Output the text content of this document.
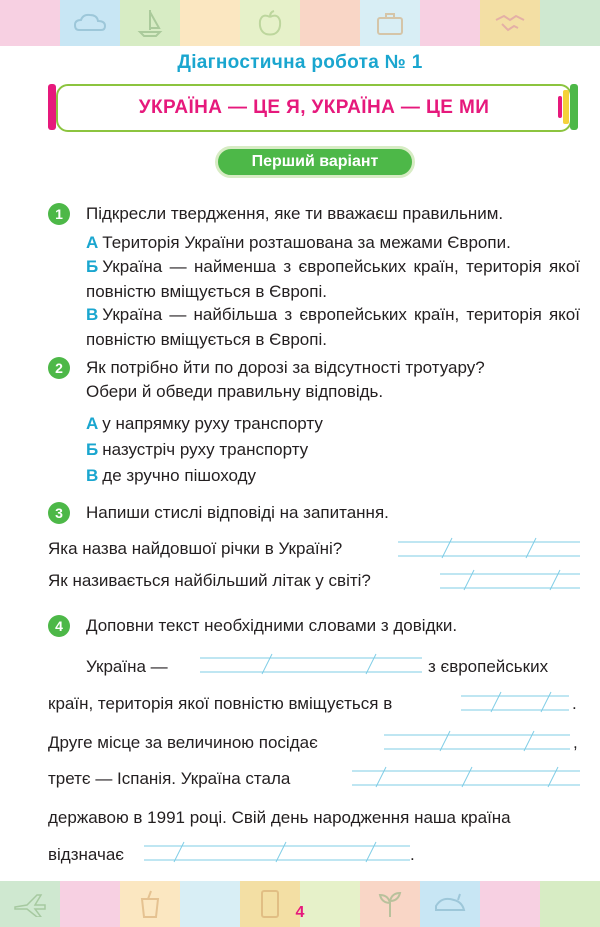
Діагностична робота № 1
УКРАЇНА — ЦЕ Я, УКРАЇНА — ЦЕ МИ
Перший варіант
1	Підкресли твердження, яке ти вважаєш правильним.
А Територія України розташована за межами Європи.
Б Україна — найменша з європейських країн, територія якої повністю вміщується в Європі.
В Україна — найбільша з європейських країн, територія якої повністю вміщується в Європі.
2	Як потрібно йти по дорозі за відсутності тротуару?
Обери й обведи правильну відповідь.
А у напрямку руху транспорту
Б назустріч руху транспорту
В де зручно пішоходу
3	Напиши стислі відповіді на запитання.
Яка назва найдовшої річки в Україні?
Як називається найбільший літак у світі?
4	Доповни текст необхідними словами з довідки.
Україна —	з європейських
країн, територія якої повністю вміщується в	.
Друге місце за величиною посідає	,
третє — Іспанія. Україна стала
державою в 1991 році. Свій день народження наша країна
відзначає	.
4
